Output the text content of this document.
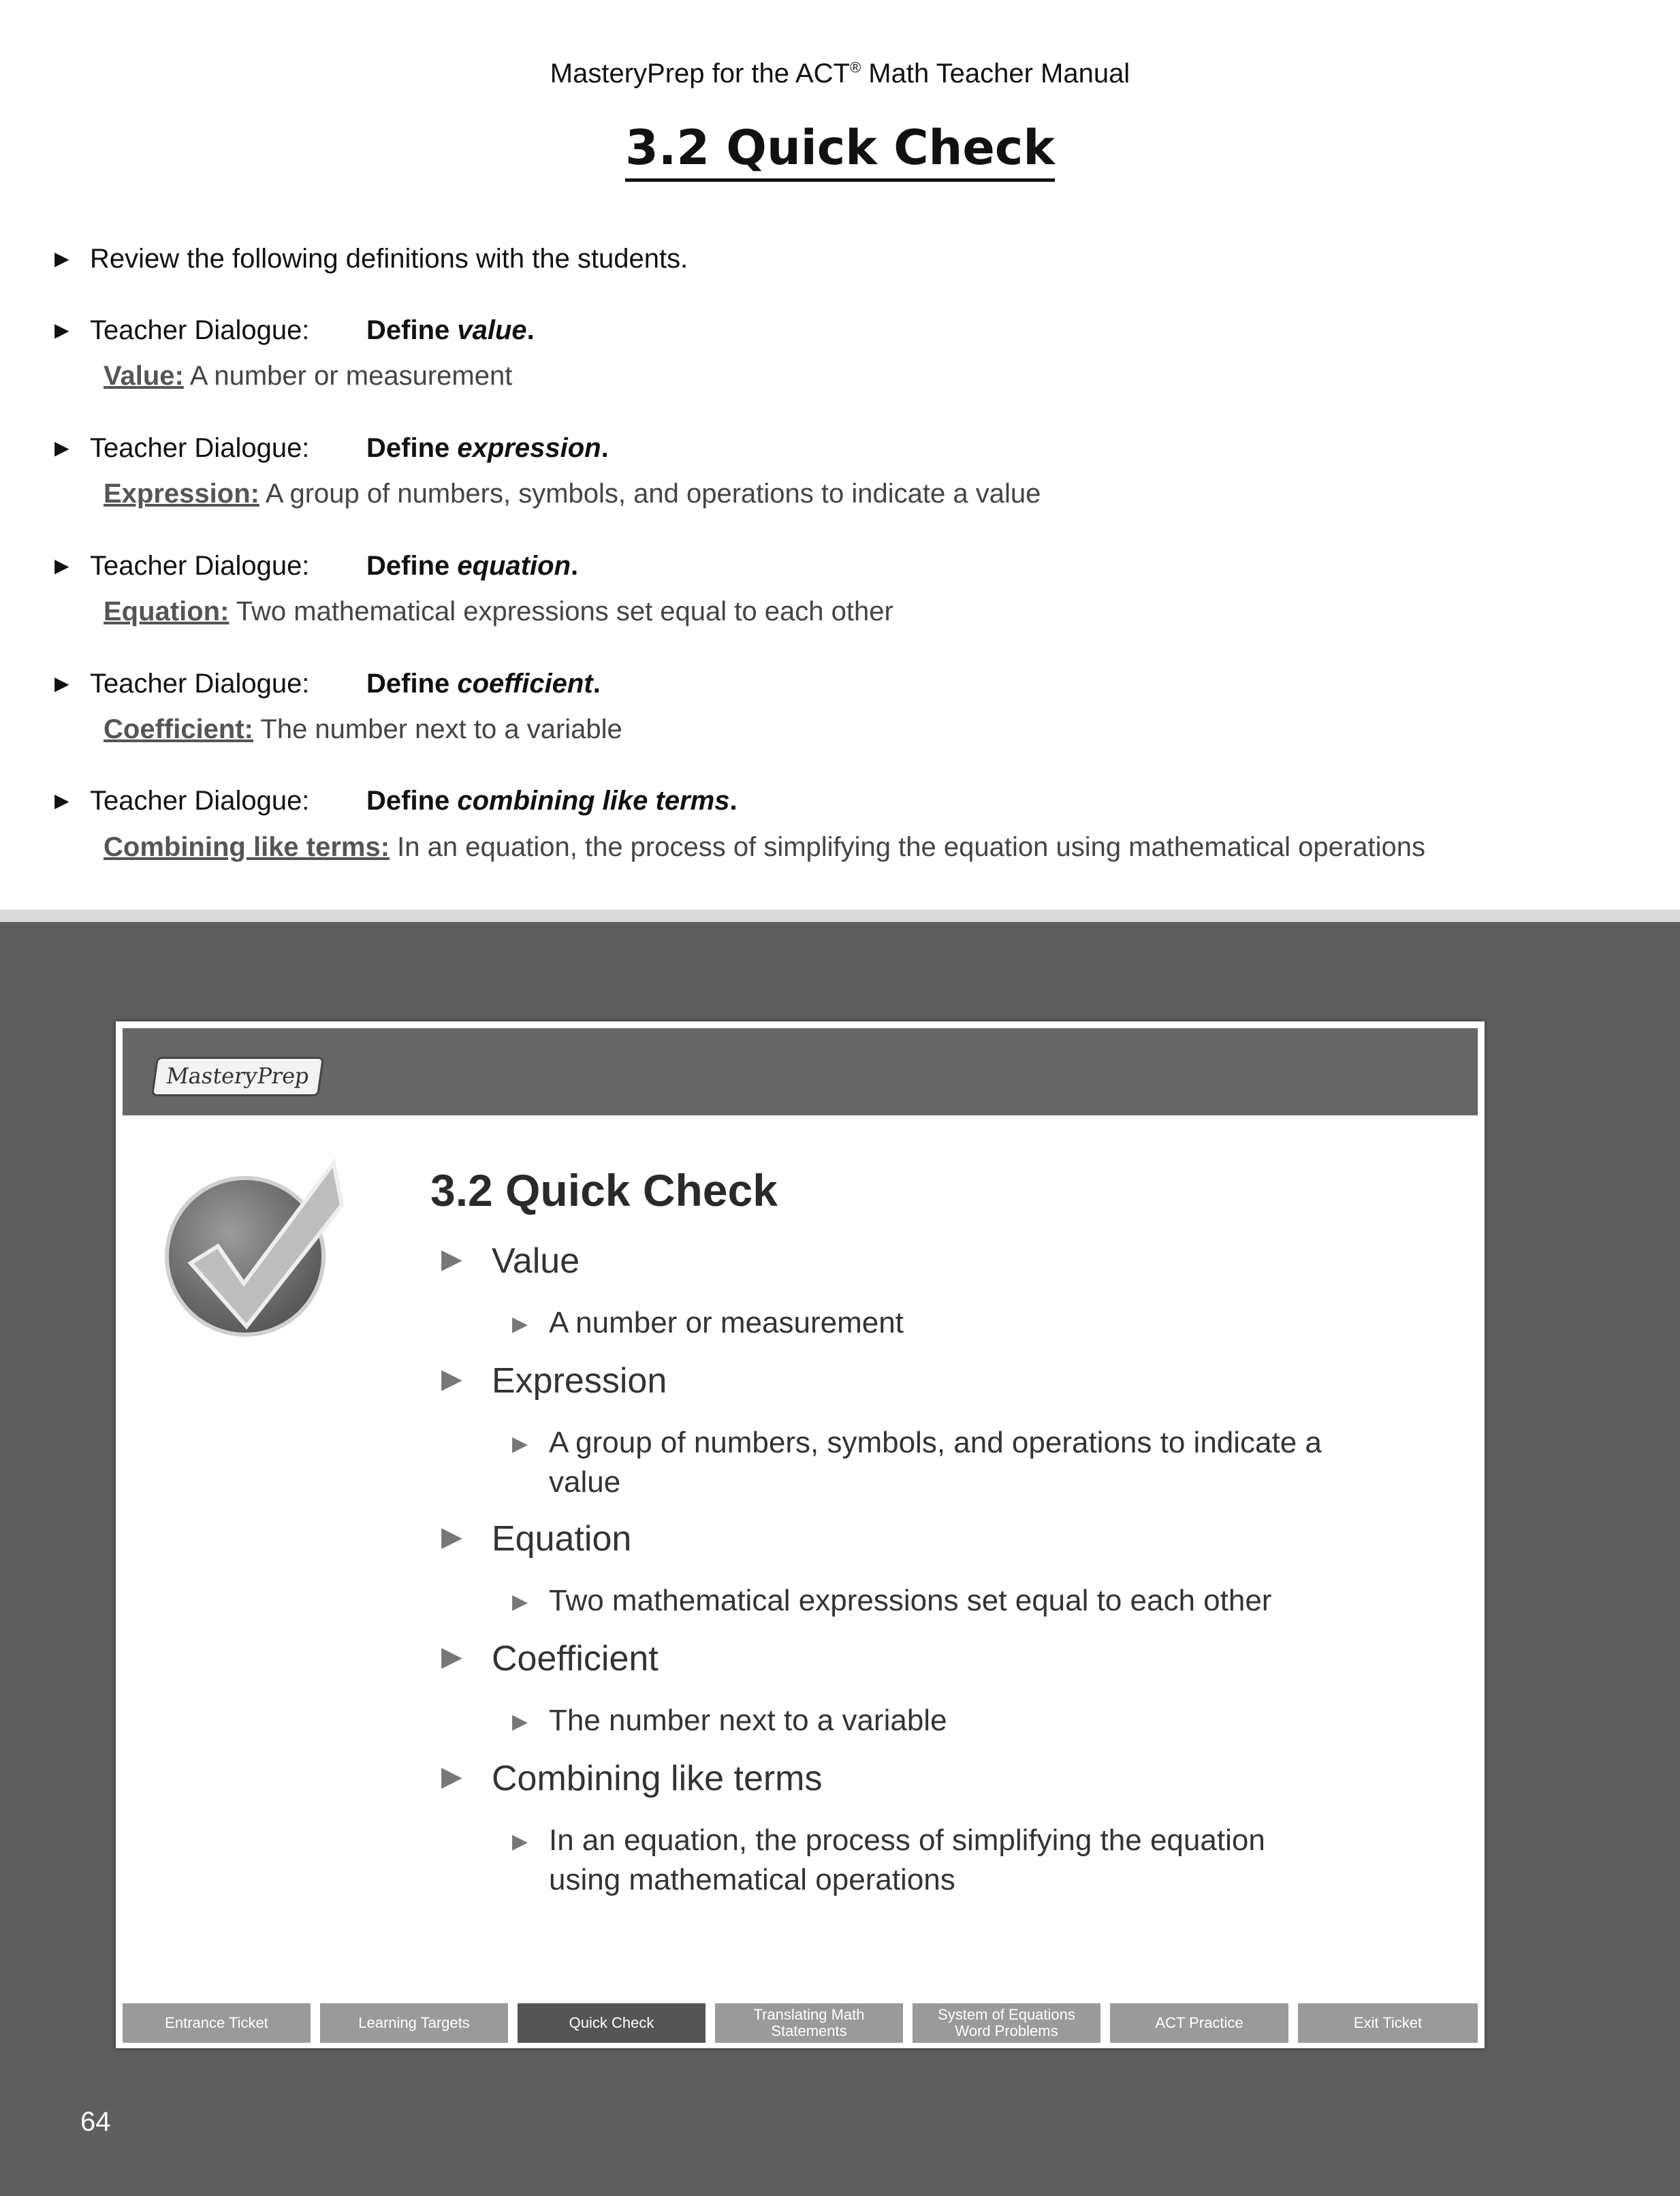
MasteryPrep for the ACT® Math Teacher Manual
3.2 Quick Check
▶ Review the following definitions with the students.
▶ Teacher Dialogue: Define value.
Value: A number or measurement
▶ Teacher Dialogue: Define expression.
Expression: A group of numbers, symbols, and operations to indicate a value
▶ Teacher Dialogue: Define equation.
Equation: Two mathematical expressions set equal to each other
▶ Teacher Dialogue: Define coefficient.
Coefficient: The number next to a variable
▶ Teacher Dialogue: Define combining like terms.
Combining like terms: In an equation, the process of simplifying the equation using mathematical operations
MasteryPrep
3.2 Quick Check
▶ Value
▶ A number or measurement

▶ Expression
▶ A group of numbers, symbols, and operations to indicate a
value
▶ Equation
▶ Two mathematical expressions set equal to each other

▶ Coefficient
▶ The number next to a variable

▶ Combining like terms
▶ In an equation, the process of simplifying the equation
using mathematical operations
Entrance Ticket	Learning Targets	Quick Check	Translating Math
Statements
System of Equations
Word Problems	ACT Practice	Exit Ticket

64
